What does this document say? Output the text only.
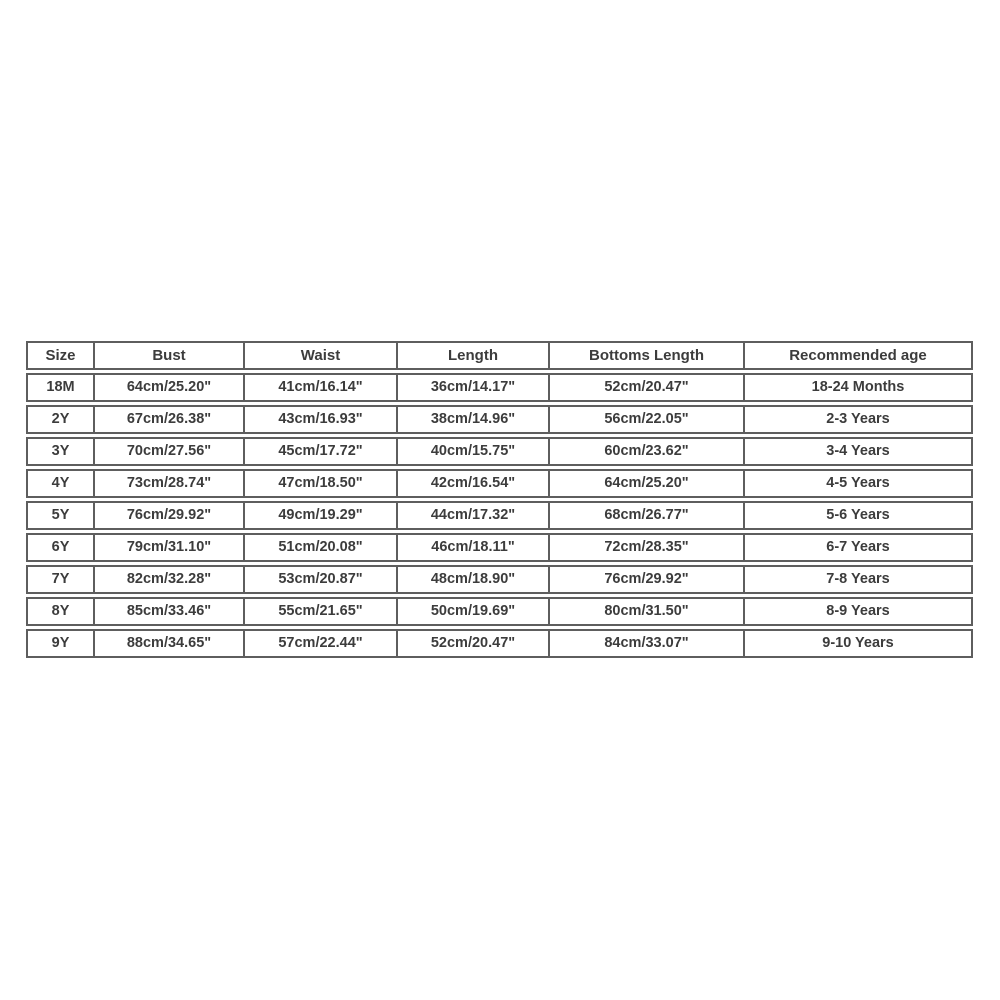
Size	Bust	Waist	Length	Bottoms Length	Recommended age
18M	64cm/25.20"	41cm/16.14"	36cm/14.17"	52cm/20.47"	18-24 Months
2Y	67cm/26.38"	43cm/16.93"	38cm/14.96"	56cm/22.05"	2-3 Years
3Y	70cm/27.56"	45cm/17.72"	40cm/15.75"	60cm/23.62"	3-4 Years
4Y	73cm/28.74"	47cm/18.50"	42cm/16.54"	64cm/25.20"	4-5 Years
5Y	76cm/29.92"	49cm/19.29"	44cm/17.32"	68cm/26.77"	5-6 Years
6Y	79cm/31.10"	51cm/20.08"	46cm/18.11"	72cm/28.35"	6-7 Years
7Y	82cm/32.28"	53cm/20.87"	48cm/18.90"	76cm/29.92"	7-8 Years
8Y	85cm/33.46"	55cm/21.65"	50cm/19.69"	80cm/31.50"	8-9 Years
9Y	88cm/34.65"	57cm/22.44"	52cm/20.47"	84cm/33.07"	9-10 Years
